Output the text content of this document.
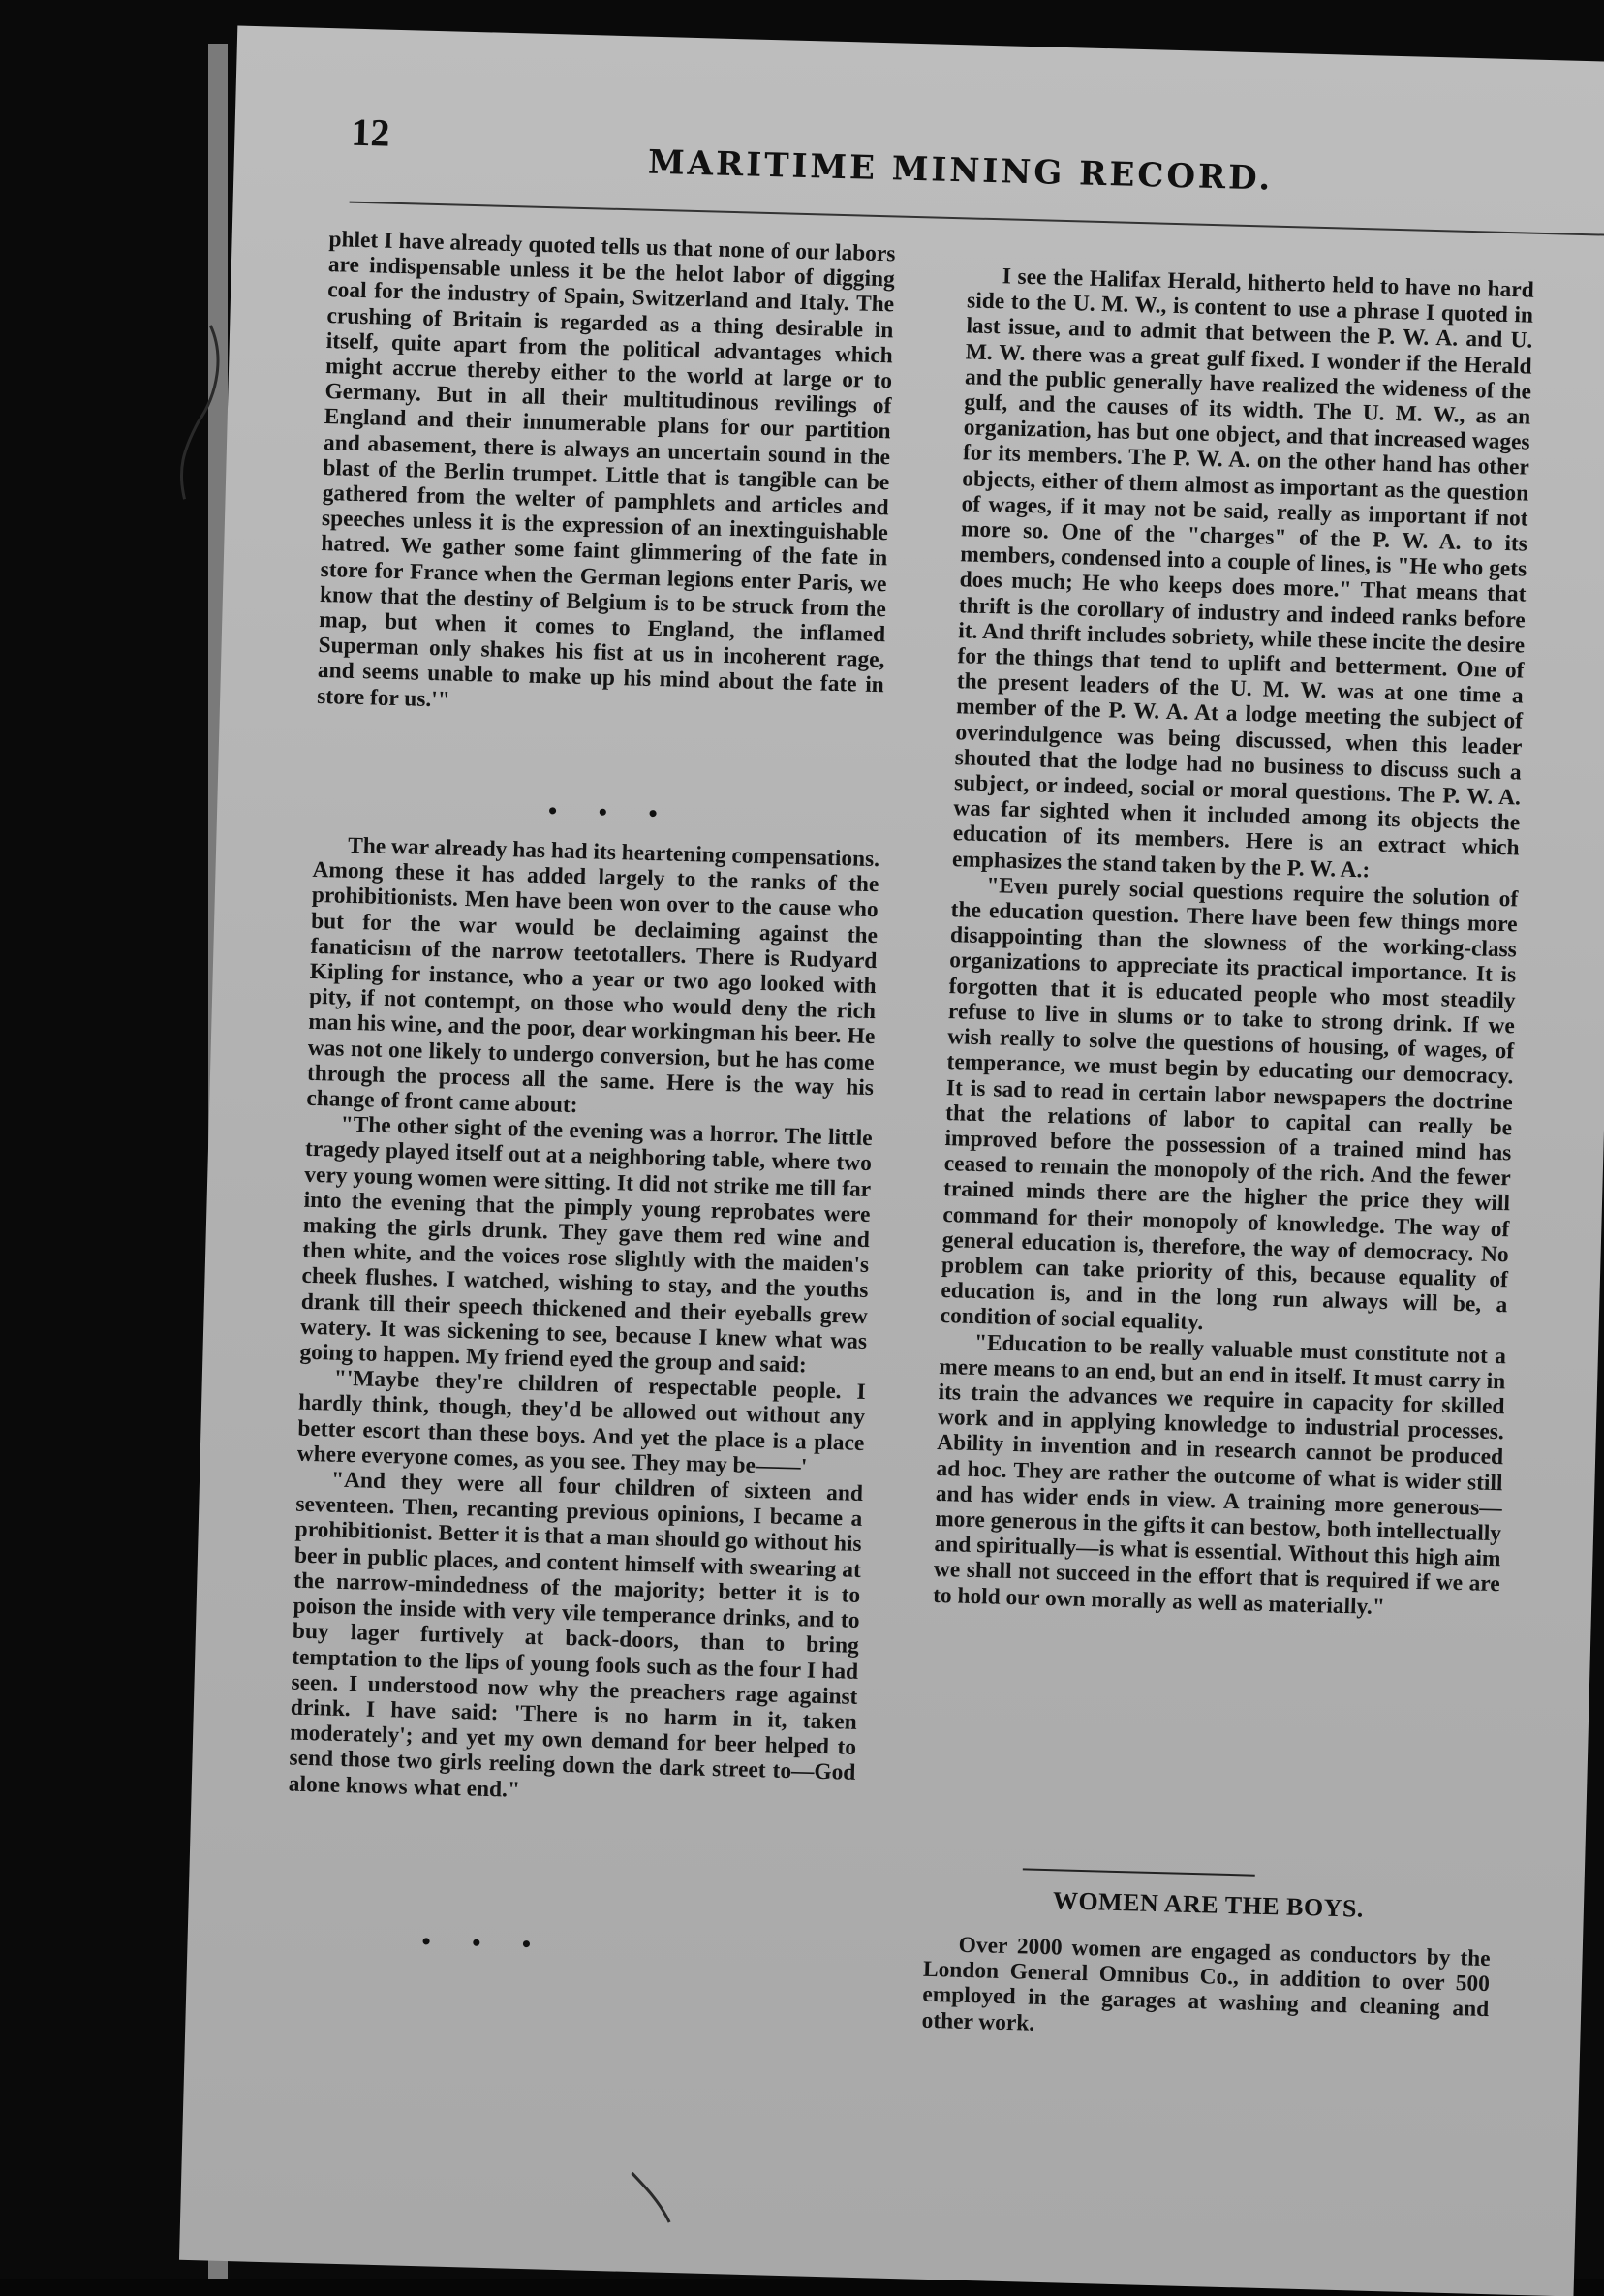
12
MARITIME MINING RECORD.

phlet I have already quoted tells us that none of our labors are indispensable unless it be the helot labor of digging coal for the industry of Spain, Switzerland and Italy. The crushing of Britain is regarded as a thing desirable in itself, quite apart from the political advantages which might accrue thereby either to the world at large or to Germany. But in all their multitudinous revilings of England and their innumerable plans for our partition and abasement, there is always an uncertain sound in the blast of the Berlin trumpet. Little that is tangible can be gathered from the welter of pamphlets and articles and speeches unless it is the expression of an inextinguishable hatred. We gather some faint glimmering of the fate in store for France when the German legions enter Paris, we know that the destiny of Belgium is to be struck from the map, but when it comes to England, the inflamed Superman only shakes his fist at us in incoherent rage, and seems unable to make up his mind about the fate in store for us.'"

• • •

The war already has had its heartening compensations. Among these it has added largely to the ranks of the prohibitionists. Men have been won over to the cause who but for the war would be declaiming against the fanaticism of the narrow teetotallers. There is Rudyard Kipling for instance, who a year or two ago looked with pity, if not contempt, on those who would deny the rich man his wine, and the poor, dear workingman his beer. He was not one likely to undergo conversion, but he has come through the process all the same. Here is the way his change of front came about:

"The other sight of the evening was a horror. The little tragedy played itself out at a neighboring table, where two very young women were sitting. It did not strike me till far into the evening that the pimply young reprobates were making the girls drunk. They gave them red wine and then white, and the voices rose slightly with the maiden's cheek flushes. I watched, wishing to stay, and the youths drank till their speech thickened and their eyeballs grew watery. It was sickening to see, because I knew what was going to happen. My friend eyed the group and said:

"'Maybe they're children of respectable people. I hardly think, though, they'd be allowed out without any better escort than these boys. And yet the place is a place where everyone comes, as you see. They may be——'

"And they were all four children of sixteen and seventeen. Then, recanting previous opinions, I became a prohibitionist. Better it is that a man should go without his beer in public places, and content himself with swearing at the narrow-mindedness of the majority; better it is to poison the inside with very vile temperance drinks, and to buy lager furtively at back-doors, than to bring temptation to the lips of young fools such as the four I had seen. I understood now why the preachers rage against drink. I have said: 'There is no harm in it, taken moderately'; and yet my own demand for beer helped to send those two girls reeling down the dark street to—God alone knows what end."

• • •

I see the Halifax Herald, hitherto held to have no hard side to the U. M. W., is content to use a phrase I quoted in last issue, and to admit that between the P. W. A. and U. M. W. there was a great gulf fixed. I wonder if the Herald and the public generally have realized the wideness of the gulf, and the causes of its width. The U. M. W., as an organization, has but one object, and that increased wages for its members. The P. W. A. on the other hand has other objects, either of them almost as important as the question of wages, if it may not be said, really as important if not more so. One of the "charges" of the P. W. A. to its members, condensed into a couple of lines, is "He who gets does much; He who keeps does more." That means that thrift is the corollary of industry and indeed ranks before it. And thrift includes sobriety, while these incite the desire for the things that tend to uplift and betterment. One of the present leaders of the U. M. W. was at one time a member of the P. W. A. At a lodge meeting the subject of overindulgence was being discussed, when this leader shouted that the lodge had no business to discuss such a subject, or indeed, social or moral questions. The P. W. A. was far sighted when it included among its objects the education of its members. Here is an extract which emphasizes the stand taken by the P. W. A.:

"Even purely social questions require the solution of the education question. There have been few things more disappointing than the slowness of the working-class organizations to appreciate its practical importance. It is forgotten that it is educated people who most steadily refuse to live in slums or to take to strong drink. If we wish really to solve the questions of housing, of wages, of temperance, we must begin by educating our democracy. It is sad to read in certain labor newspapers the doctrine that the relations of labor to capital can really be improved before the possession of a trained mind has ceased to remain the monopoly of the rich. And the fewer trained minds there are the higher the price they will command for their monopoly of knowledge. The way of general education is, therefore, the way of democracy. No problem can take priority of this, because equality of education is, and in the long run always will be, a condition of social equality.

"Education to be really valuable must constitute not a mere means to an end, but an end in itself. It must carry in its train the advances we require in capacity for skilled work and in applying knowledge to industrial processes. Ability in invention and in research cannot be produced ad hoc. They are rather the outcome of what is wider still and has wider ends in view. A training more generous—more generous in the gifts it can bestow, both intellectually and spiritually—is what is essential. Without this high aim we shall not succeed in the effort that is required if we are to hold our own morally as well as materially."

WOMEN ARE THE BOYS.

Over 2000 women are engaged as conductors by the London General Omnibus Co., in addition to over 500 employed in the garages at washing and cleaning and other work.
